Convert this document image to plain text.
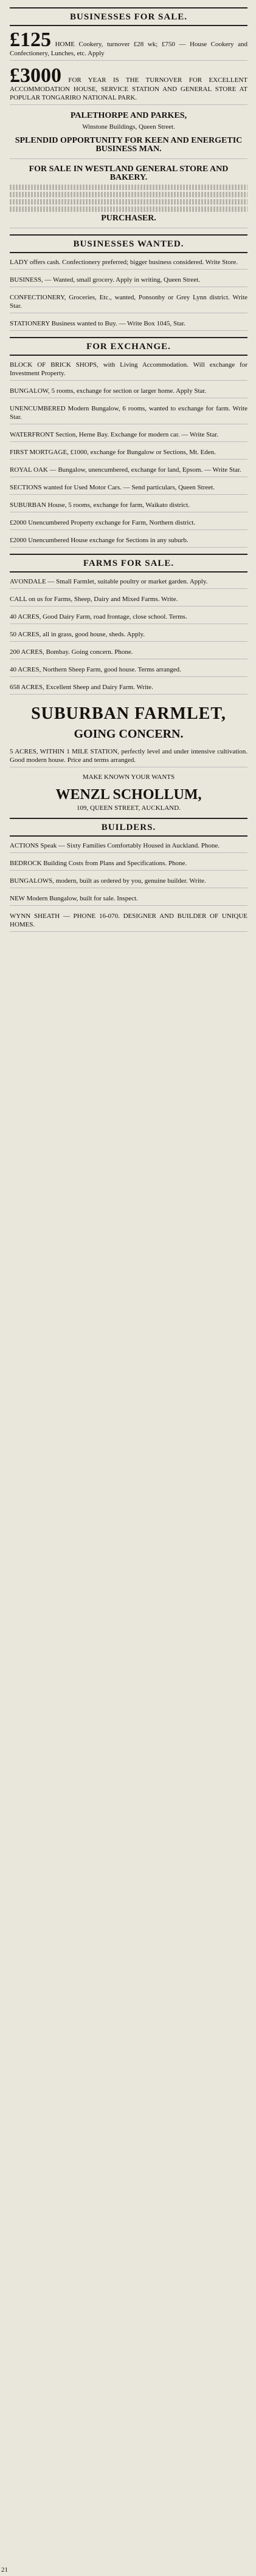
BUSINESSES FOR SALE.
£125 HOME Cookery, turnover £28 wk; £750 — House Cookery and Confectionery, Lunches, etc. Apply
£3000 FOR YEAR IS THE TURNOVER FOR EXCELLENT ACCOMMODATION HOUSE, SERVICE STATION AND GENERAL STORE AT POPULAR TONGARIRO NATIONAL PARK.
PALETHORPE AND PARKES,
Winstone Buildings, Queen Street.
SPLENDID OPPORTUNITY FOR KEEN AND ENERGETIC BUSINESS MAN.
FOR SALE IN WESTLAND GENERAL STORE AND BAKERY.
PURCHASER.
BUSINESSES WANTED.
LADY offers cash. Confectionery preferred; bigger business considered. Write Store.
BUSINESS, — Wanted, small grocery. Apply in writing, Queen Street.
CONFECTIONERY, Groceries, Etc., wanted, Ponsonby or Grey Lynn district. Write Star.
STATIONERY Business wanted to Buy. — Write Box 1045, Star.
FOR EXCHANGE.
BLOCK OF BRICK SHOPS, with Living Accommodation. Will exchange for Investment Property.
BUNGALOW, 5 rooms, exchange for section or larger home. Apply Star.
UNENCUMBERED Modern Bungalow, 6 rooms, wanted to exchange for farm. Write Star.
WATERFRONT Section, Herne Bay. Exchange for modern car. — Write Star.
FIRST MORTGAGE, £1000, exchange for Bungalow or Sections, Mt. Eden.
ROYAL OAK — Bungalow, unencumbered, exchange for land, Epsom. — Write Star.
SECTIONS wanted for Used Motor Cars. — Send particulars, Queen Street.
SUBURBAN House, 5 rooms, exchange for farm, Waikato district.
£2000 Unencumbered Property exchange for Farm, Northern district.
£2000 Unencumbered House exchange for Sections in any suburb.
FARMS FOR SALE.
AVONDALE — Small Farmlet, suitable poultry or market garden. Apply.
CALL on us for Farms, Sheep, Dairy and Mixed Farms. Write.
40 ACRES, Good Dairy Farm, road frontage, close school. Terms.
50 ACRES, all in grass, good house, sheds. Apply.
200 ACRES, Bombay. Going concern. Phone.
40 ACRES, Northern Sheep Farm, good house. Terms arranged.
658 ACRES, Excellent Sheep and Dairy Farm. Write.
SUBURBAN FARMLET,
GOING CONCERN.
5 ACRES, WITHIN 1 MILE STATION, perfectly level and under intensive cultivation. Good modern house. Price and terms arranged.
MAKE KNOWN YOUR WANTS
WENZL SCHOLLUM,
109, QUEEN STREET, AUCKLAND.
BUILDERS.
ACTIONS Speak — Sixty Families Comfortably Housed in Auckland. Phone.
BEDROCK Building Costs from Plans and Specifications. Phone.
BUNGALOWS, modern, built as ordered by you, genuine builder. Write.
NEW Modern Bungalow, built for sale. Inspect.
WYNN SHEATH — PHONE 16-070. DESIGNER AND BUILDER OF UNIQUE HOMES.
21
